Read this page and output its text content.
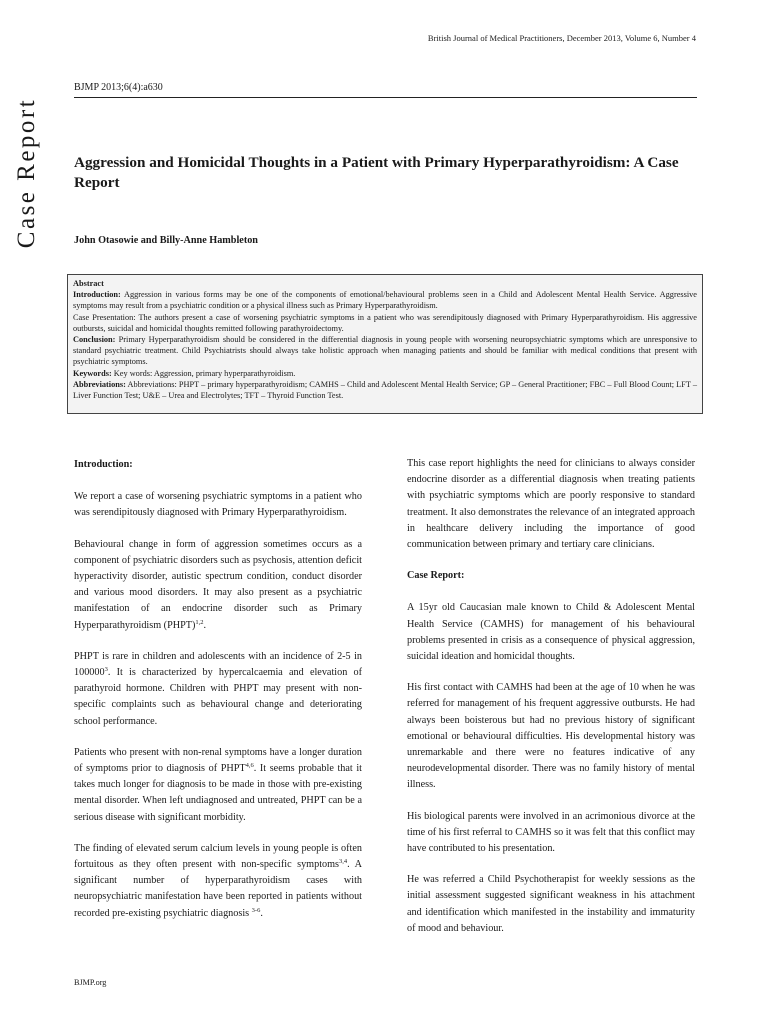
British Journal of Medical Practitioners, December 2013, Volume 6, Number 4
Case Report
BJMP 2013;6(4):a630
Aggression and Homicidal Thoughts in a Patient with Primary Hyperparathyroidism: A Case Report
John Otasowie and Billy-Anne Hambleton

Abstract

Introduction: Aggression in various forms may be one of the components of emotional/behavioural problems seen in a Child and Adolescent Mental Health Service. Aggressive symptoms may result from a psychiatric condition or a physical illness such as Primary Hyperparathyroidism.

Case Presentation: The authors present a case of worsening psychiatric symptoms in a patient who was serendipitously diagnosed with Primary Hyperparathyroidism. His aggressive outbursts, suicidal and homicidal thoughts remitted following parathyroidectomy.

Conclusion: Primary Hyperparathyroidism should be considered in the differential diagnosis in young people with worsening neuropsychiatric symptoms which are unresponsive to standard psychiatric treatment. Child Psychiatrists should always take holistic approach when managing patients and should be familiar with medical conditions that present with psychiatric symptoms.

Keywords: Key words: Aggression, primary hyperparathyroidism.

Abbreviations: Abbreviations: PHPT – primary hyperparathyroidism; CAMHS – Child and Adolescent Mental Health Service; GP – General Practitioner; FBC – Full Blood Count; LFT – Liver Function Test; U&E – Urea and Electrolytes; TFT – Thyroid Function Test.

Introduction:

We report a case of worsening psychiatric symptoms in a patient who was serendipitously diagnosed with Primary Hyperparathyroidism.

Behavioural change in form of aggression sometimes occurs as a component of psychiatric disorders such as psychosis, attention deficit hyperactivity disorder, autistic spectrum condition, conduct disorder and various mood disorders. It may also present as a psychiatric manifestation of an endocrine disorder such as Primary Hyperparathyroidism (PHPT)$^{1,2}$.

PHPT is rare in children and adolescents with an incidence of 2-5 in 100000$^3$. It is characterized by hypercalcaemia and elevation of parathyroid hormone. Children with PHPT may present with non-specific complaints such as behavioural change and deteriorating school performance.

Patients who present with non-renal symptoms have a longer duration of symptoms prior to diagnosis of PHPT$^{4,6}$. It seems probable that it takes much longer for diagnosis to be made in those with pre-existing mental disorder. When left undiagnosed and untreated, PHPT can be a serious disease with significant morbidity.

The finding of elevated serum calcium levels in young people is often fortuitous as they often present with non-specific symptoms$^{3,4}$. A significant number of hyperparathyroidism cases with neuropsychiatric manifestation have been reported in patients without recorded pre-existing psychiatric diagnosis $^{3-6}$.

This case report highlights the need for clinicians to always consider endocrine disorder as a differential diagnosis when treating patients with psychiatric symptoms which are poorly responsive to standard treatment. It also demonstrates the relevance of an integrated approach in healthcare delivery including the importance of good communication between primary and tertiary care clinicians.

Case Report:

A 15yr old Caucasian male known to Child & Adolescent Mental Health Service (CAMHS) for management of his behavioural problems presented in crisis as a consequence of physical aggression, suicidal ideation and homicidal thoughts.

His first contact with CAMHS had been at the age of 10 when he was referred for management of his frequent aggressive outbursts. He had always been boisterous but had no previous history of significant emotional or behavioural difficulties. His developmental history was unremarkable and there were no features indicative of any neurodevelopmental disorder. There was no family history of mental illness.

His biological parents were involved in an acrimonious divorce at the time of his first referral to CAMHS so it was felt that this conflict may have contributed to his presentation.

He was referred a Child Psychotherapist for weekly sessions as the initial assessment suggested significant weakness in his attachment and identification which manifested in the instability and immaturity of mood and behaviour.

BJMP.org
